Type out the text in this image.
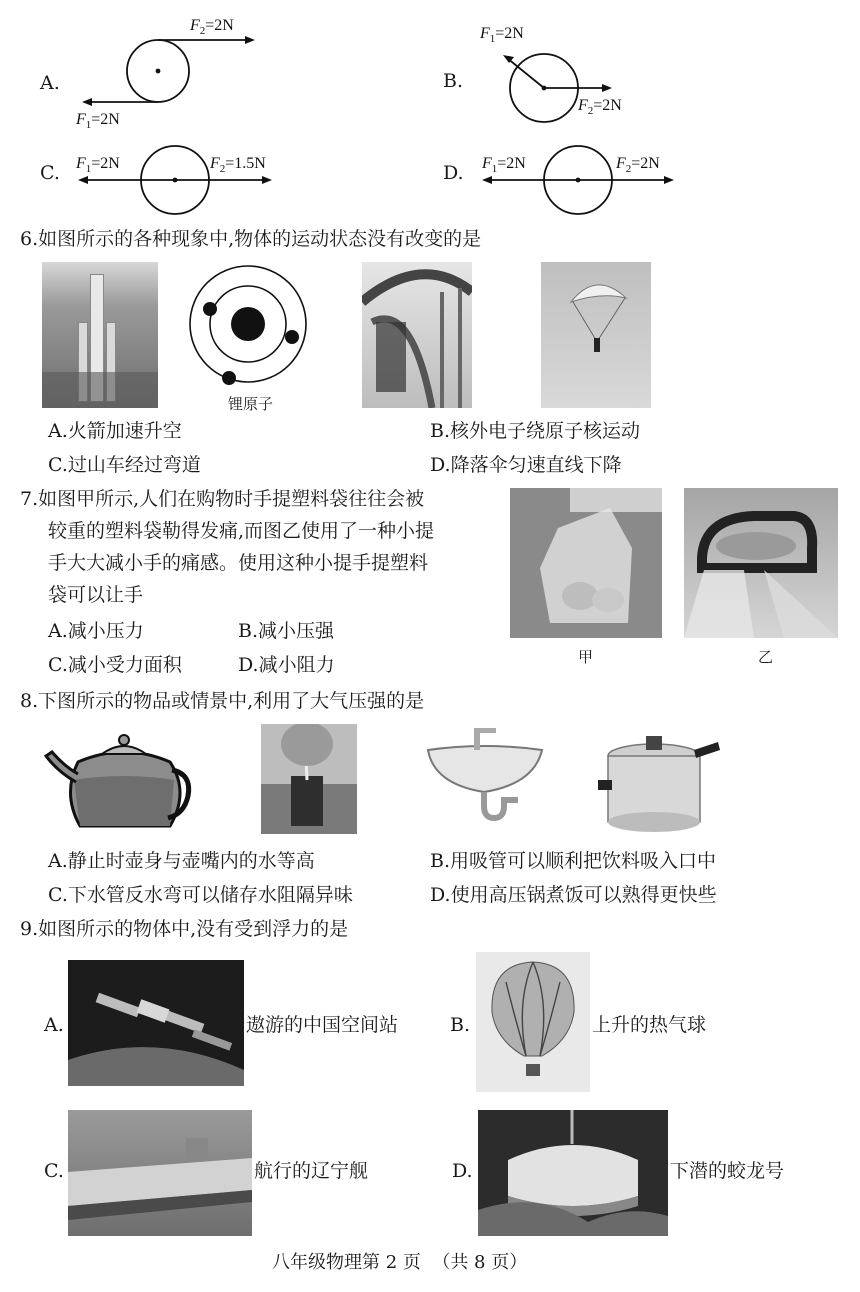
A.
$F_2=2N$
$F_1=2N$
B.
$F_1=2N$
$F_2=2N$
C. $F_1=2N$	$F_2=1.5N$	D. $F_1=2N$	$F_2=2N$
6.如图所示的各种现象中,物体的运动状态没有改变的是
锂原子
A.火箭加速升空	B.核外电子绕原子核运动
C.过山车经过弯道	D.降落伞匀速直线下降
7.如图甲所示,人们在购物时手提塑料袋往往会被
较重的塑料袋勒得发痛,而图乙使用了一种小提
手大大减小手的痛感。使用这种小提手提塑料
袋可以让手
A.减小压力	B.减小压强
C.减小受力面积	D.减小阻力	甲	乙
8.下图所示的物品或情景中,利用了大气压强的是
A.静止时壶身与壶嘴内的水等高	B.用吸管可以顺利把饮料吸入口中
C.下水管反水弯可以储存水阻隔异味	D.使用高压锅煮饭可以熟得更快些
9.如图所示的物体中,没有受到浮力的是
A.	遨游的中国空间站	B.	上升的热气球
C.	航行的辽宁舰	D.	下潜的蛟龙号
八年级物理第 2 页  （共 8 页）
